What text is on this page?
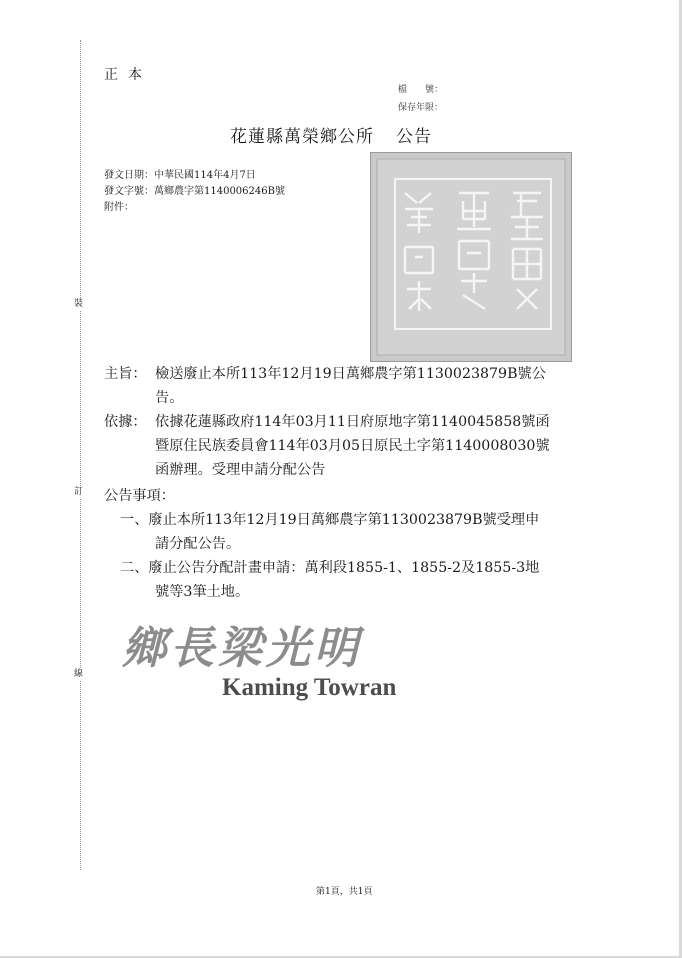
裝
訂
線
正本
檔　　號：
保存年限：
花蓮縣萬榮鄉公所 公告
發文日期：中華民國114年4月7日
發文字號：萬鄉農字第1140006246B號
附件：
主旨： 檢送廢止本所113年12月19日萬鄉農字第1130023879B號公
告。
依據： 依據花蓮縣政府114年03月11日府原地字第1140045858號函
暨原住民族委員會114年03月05日原民土字第1140008030號
函辦理。受理申請分配公告
公告事項：
一、廢止本所113年12月19日萬鄉農字第1130023879B號受理申
請分配公告。
二、廢止公告分配計畫申請：萬利段1855-1、1855-2及1855-3地
號等3筆土地。
鄉長梁光明
Kaming Towran
第1頁，共1頁
